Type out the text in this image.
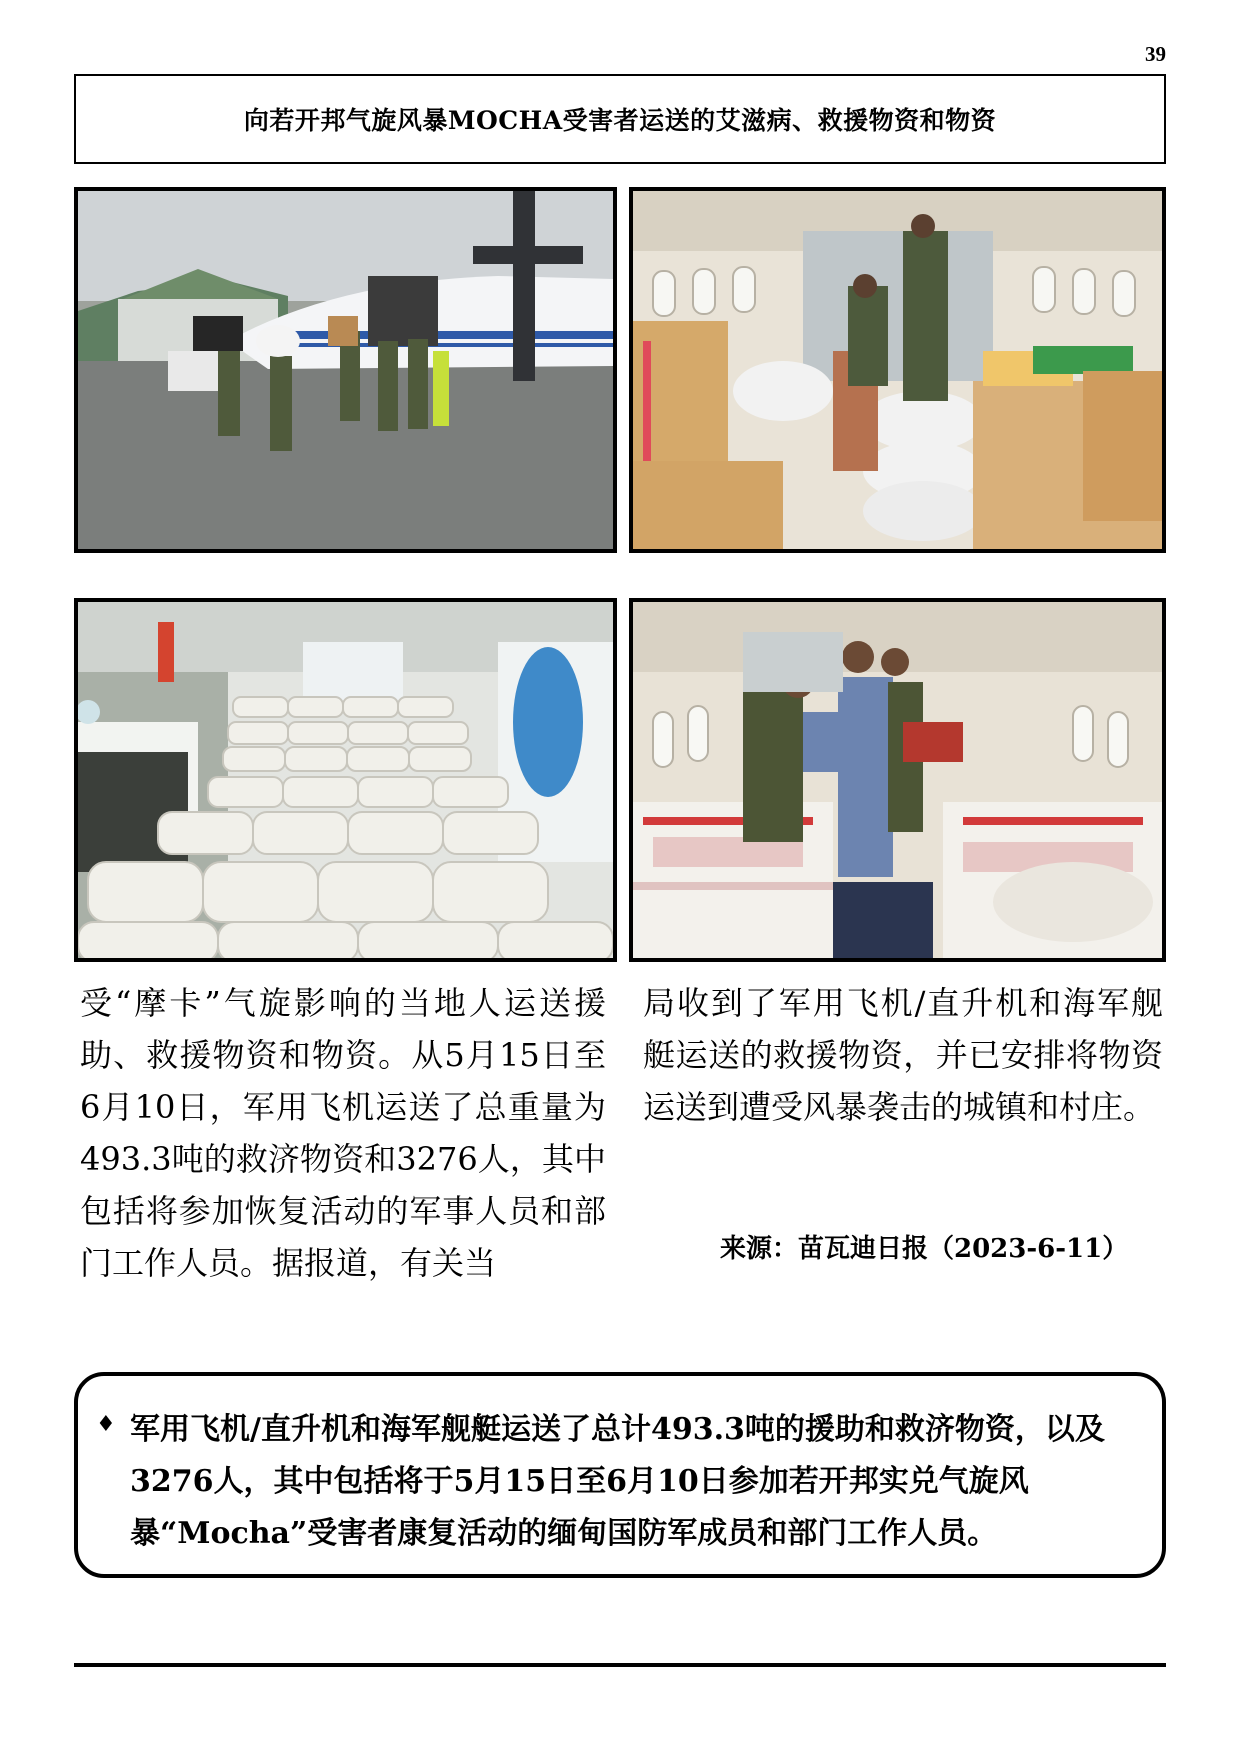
39
向若开邦气旋风暴MOCHA受害者运送的艾滋病、救援物资和物资
受“摩卡”气旋影响的当地人运送援助、救援物资和物资。从5月15日至6月10日，军用飞机运送了总重量为493.3吨的救济物资和3276人，其中包括将参加恢复活动的军事人员和部门工作人员。据报道，有关当
局收到了军用飞机/直升机和海军舰艇运送的救援物资，并已安排将物资运送到遭受风暴袭击的城镇和村庄。
来源：苗瓦迪日报（2023-6-11）
♦ 军用飞机/直升机和海军舰艇运送了总计493.3吨的援助和救济物资，以及3276人，其中包括将于5月15日至6月10日参加若开邦实兑气旋风暴“Mocha”受害者康复活动的缅甸国防军成员和部门工作人员。
